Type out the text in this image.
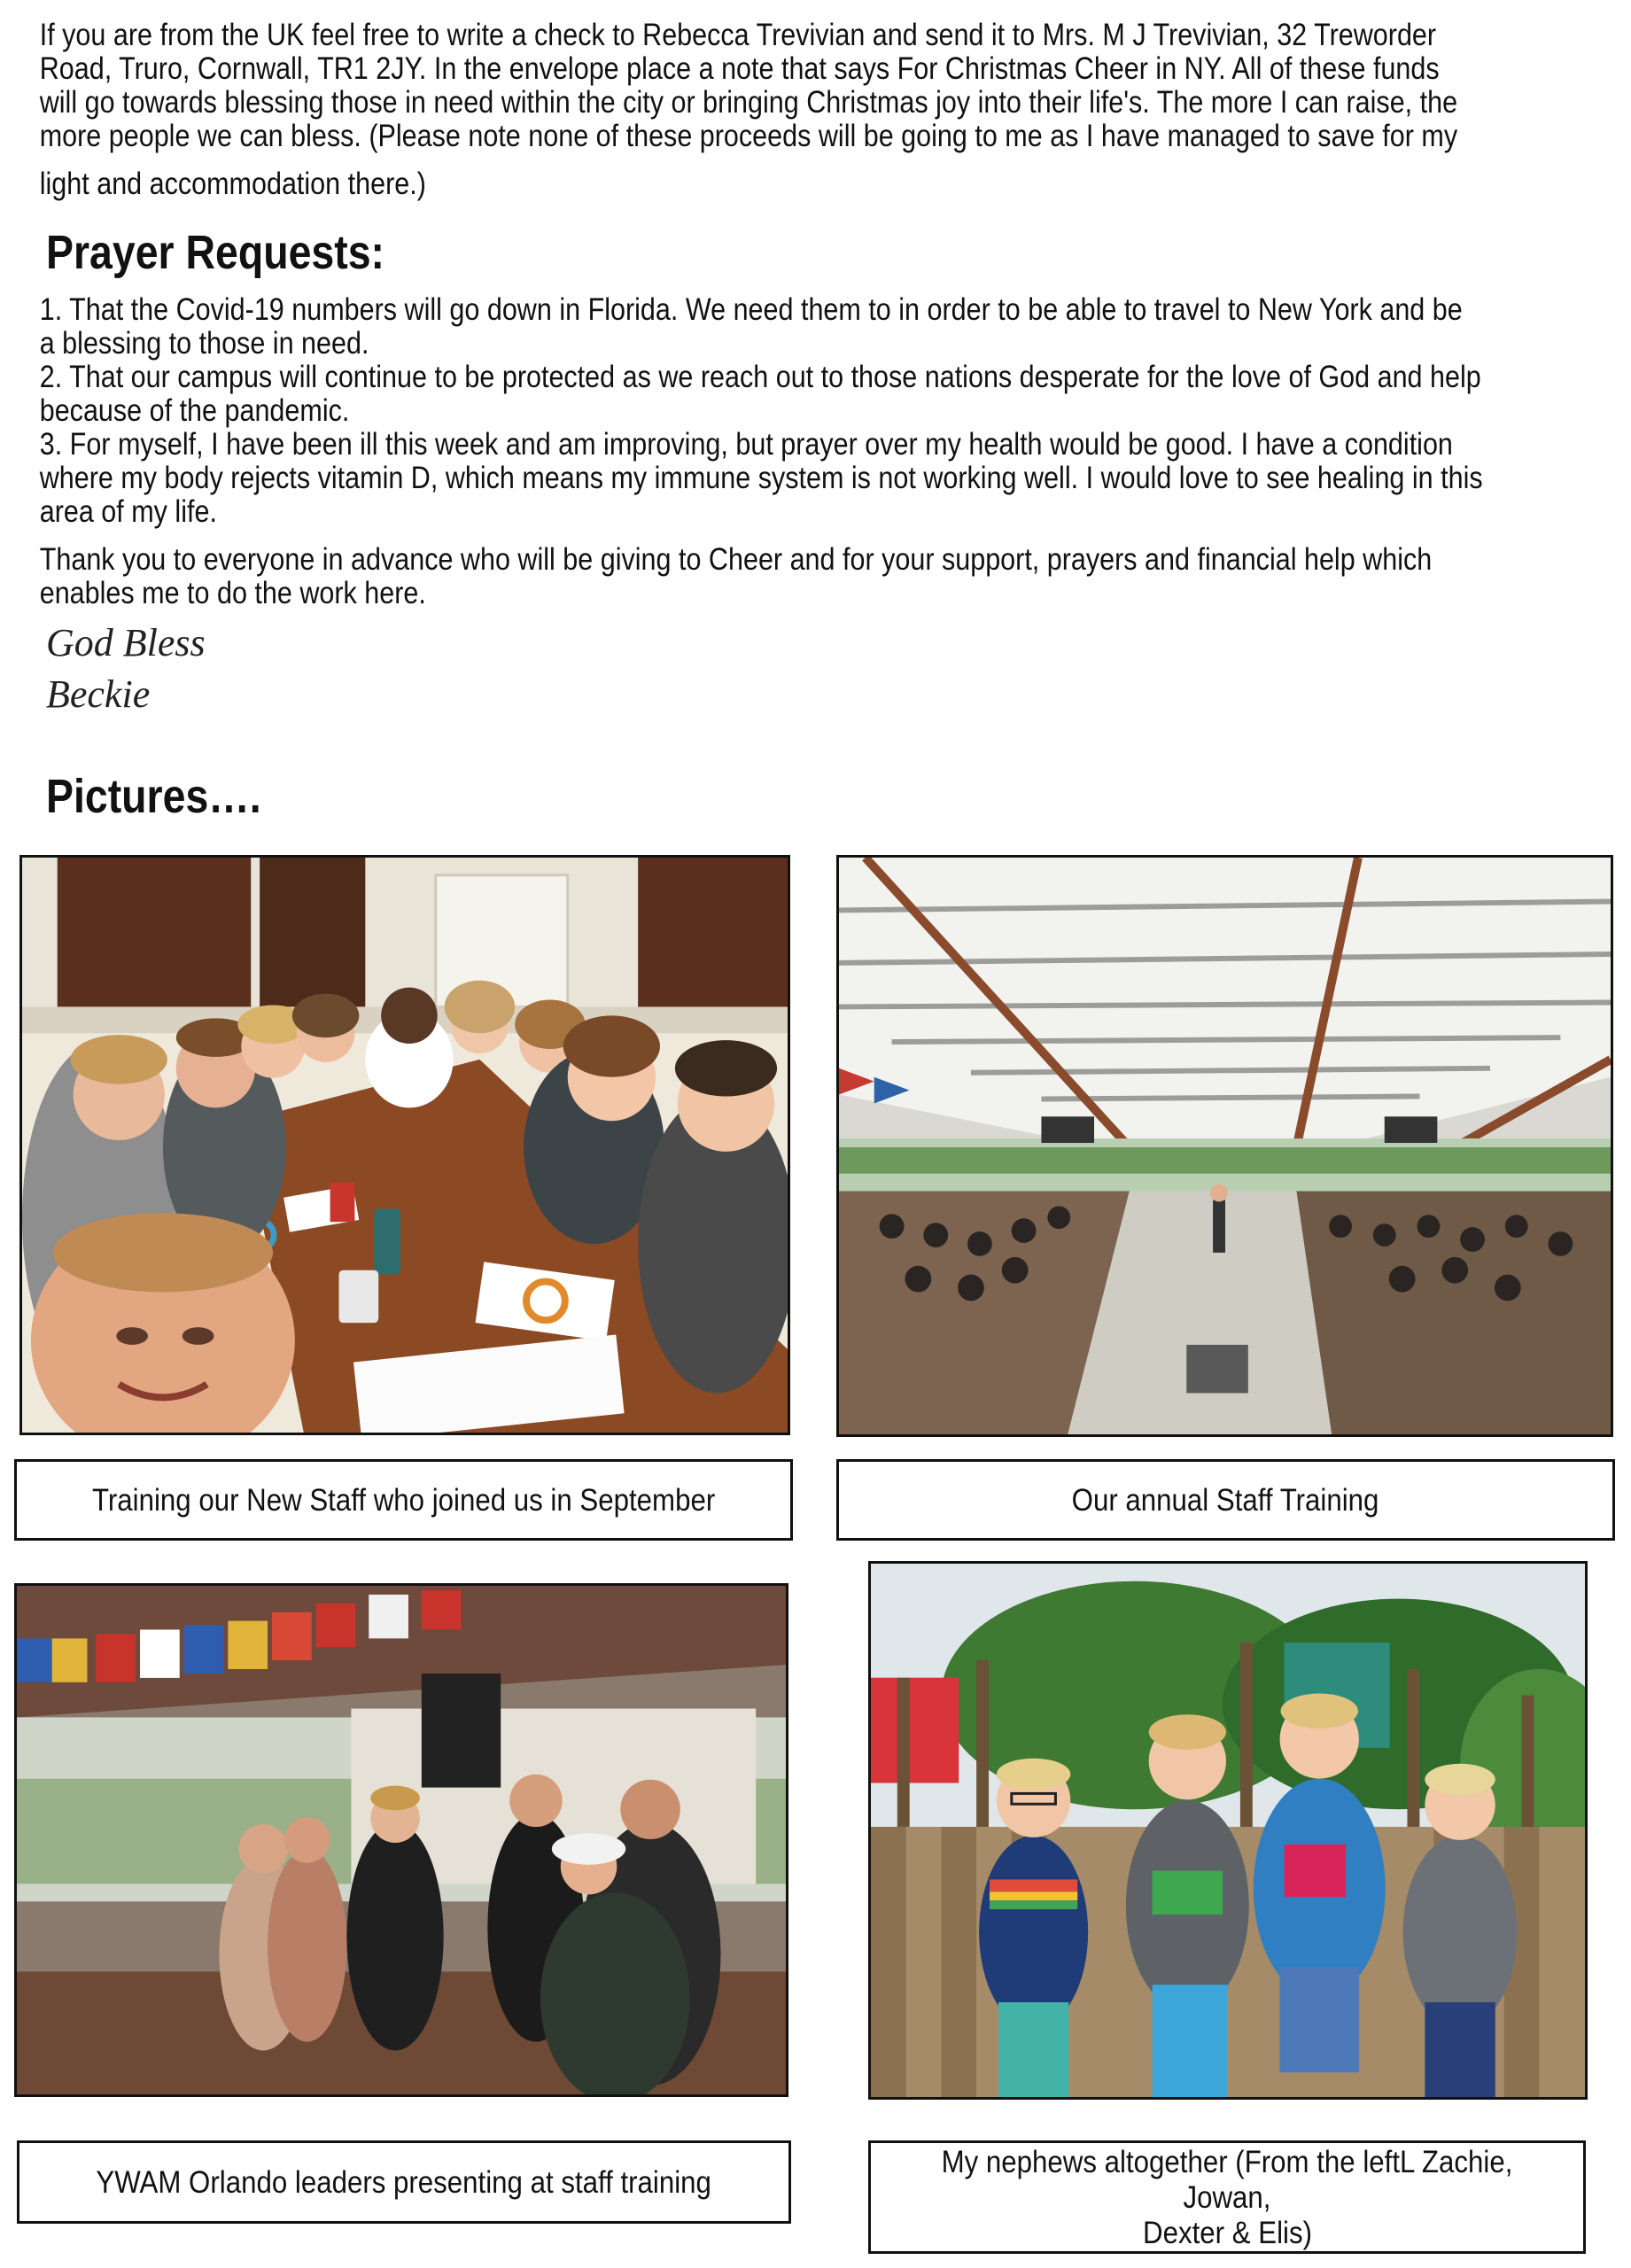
If you are from the UK feel free to write a check to Rebecca Trevivian and send it to Mrs. M J Trevivian, 32 Treworder

Road, Truro, Cornwall, TR1 2JY. In the envelope place a note that says For Christmas Cheer in NY. All of these funds

will go towards blessing those in need within the city or bringing Christmas joy into their life's. The more I can raise, the

more people we can bless. (Please note none of these proceeds will be going to me as I have managed to save for my

light and accommodation there.)

Prayer Requests:

1. That the Covid-19 numbers will go down in Florida. We need them to in order to be able to travel to New York and be

a blessing to those in need.

2. That our campus will continue to be protected as we reach out to those nations desperate for the love of God and help

because of the pandemic.

3. For myself, I have been ill this week and am improving, but prayer over my health would be good. I have a condition

where my body rejects vitamin D, which means my immune system is not working well. I would love to see healing in this

area of my life.

Thank you to everyone in advance who will be giving to Cheer and for your support, prayers and financial help which

enables me to do the work here.

God Bless
Beckie
Pictures….
Training our New Staff who joined us in September	Our annual Staff Training
YWAM Orlando leaders presenting at staff training
My nephews altogether (From the leftL Zachie, Jowan,
Dexter & Elis)
